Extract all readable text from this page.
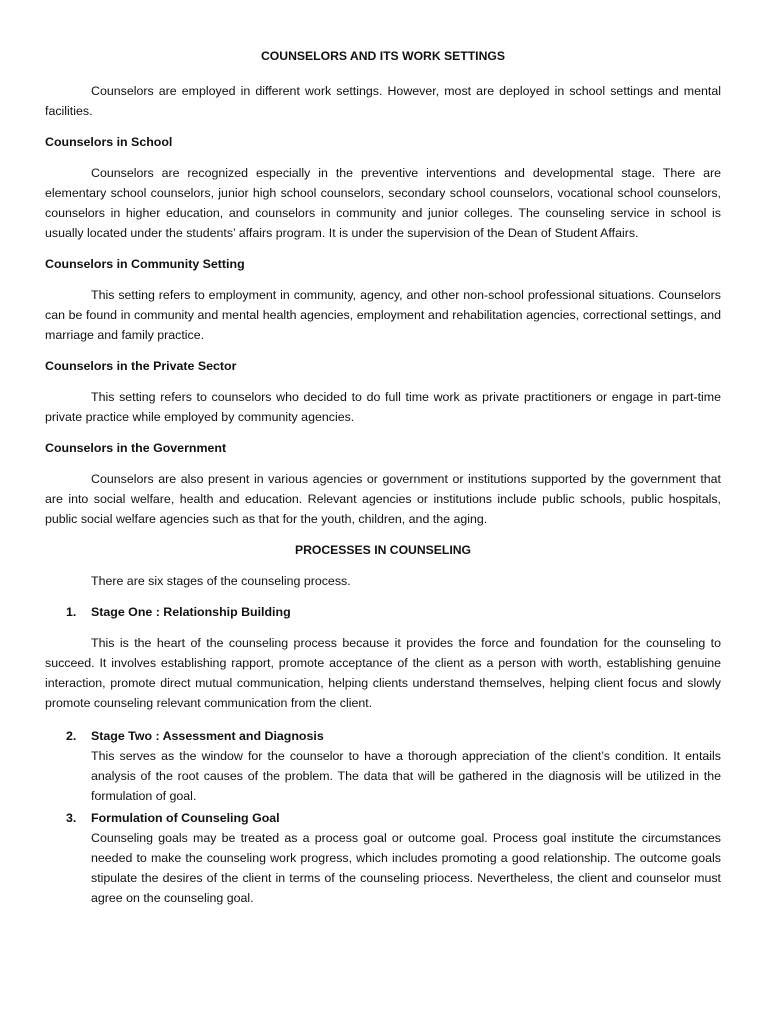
COUNSELORS AND ITS WORK SETTINGS

Counselors are employed in different work settings. However, most are deployed in school settings and mental facilities.

Counselors in School

Counselors are recognized especially in the preventive interventions and developmental stage. There are elementary school counselors, junior high school counselors, secondary school counselors, vocational school counselors, counselors in higher education, and counselors in community and junior colleges. The counseling service in school is usually located under the students’ affairs program. It is under the supervision of the Dean of Student Affairs.

Counselors in Community Setting

This setting refers to employment in community, agency, and other non-school professional situations. Counselors can be found in community and mental health agencies, employment and rehabilitation agencies, correctional settings, and marriage and family practice.

Counselors in the Private Sector

This setting refers to counselors who decided to do full time work as private practitioners or engage in part-time private practice while employed by community agencies.

Counselors in the Government

Counselors are also present in various agencies or government or institutions supported by the government that are into social welfare, health and education. Relevant agencies or institutions include public schools, public hospitals, public social welfare agencies such as that for the youth, children, and the aging.

PROCESSES IN COUNSELING

There are six stages of the counseling process.

1. Stage One : Relationship Building

This is the heart of the counseling process because it provides the force and foundation for the counseling to succeed. It involves establishing rapport, promote acceptance of the client as a person with worth, establishing genuine interaction, promote direct mutual communication, helping clients understand themselves, helping client focus and slowly promote counseling relevant communication from the client.

2. Stage Two : Assessment and Diagnosis
This serves as the window for the counselor to have a thorough appreciation of the client’s condition. It entails analysis of the root causes of the problem. The data that will be gathered in the diagnosis will be utilized in the formulation of goal.
3. Formulation of Counseling Goal
Counseling goals may be treated as a process goal or outcome goal. Process goal institute the circumstances needed to make the counseling work progress, which includes promoting a good relationship. The outcome goals stipulate the desires of the client in terms of the counseling priocess. Nevertheless, the client and counselor must agree on the counseling goal.
